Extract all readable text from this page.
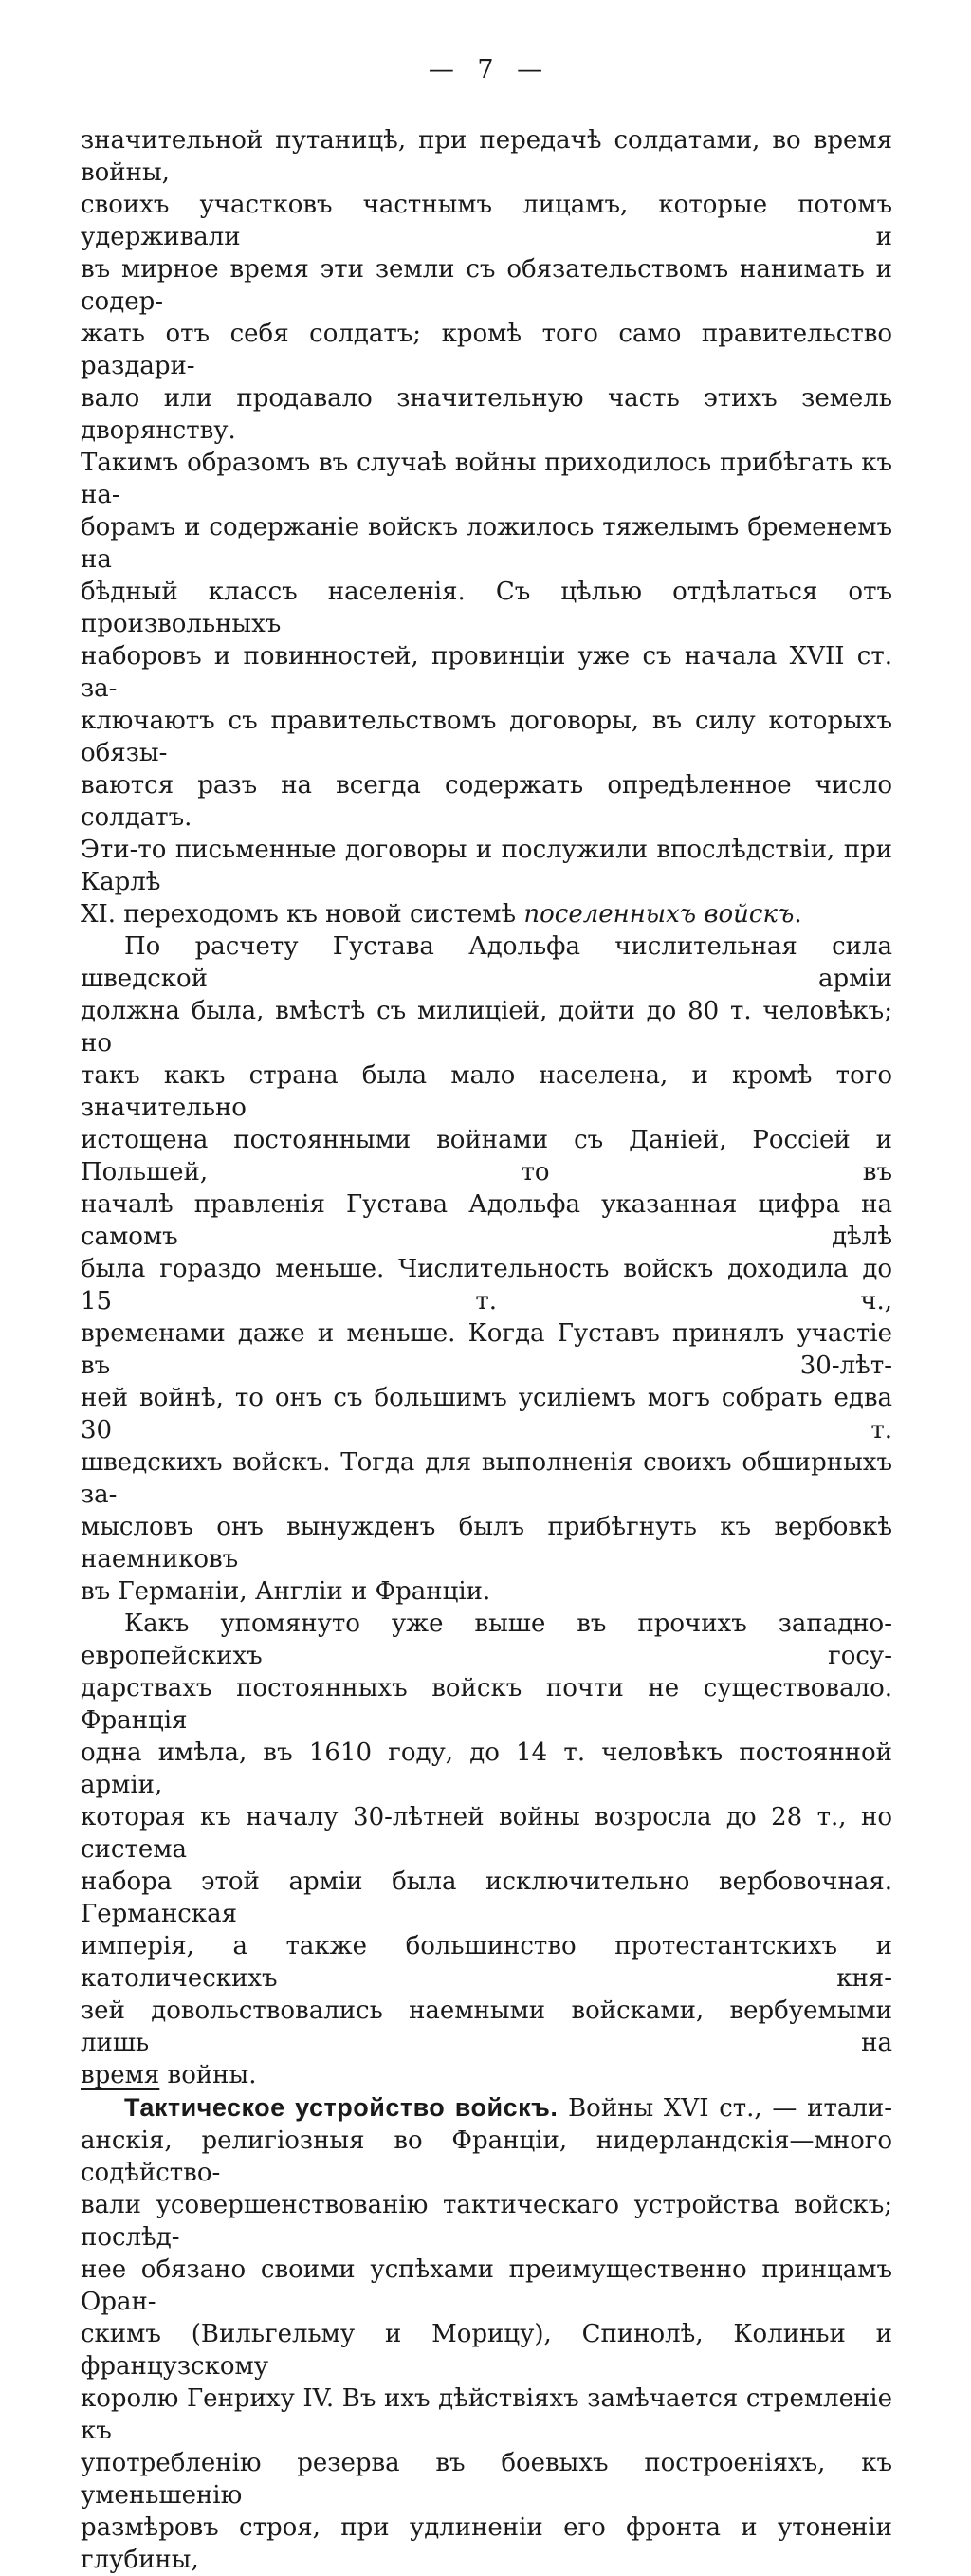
— 7 —
значительной путаницѣ, при передачѣ солдатами, во время войны,
своихъ участковъ частнымъ лицамъ, которые потомъ удерживали и
въ мирное время эти земли съ обязательствомъ нанимать и содер-
жать отъ себя солдатъ; кромѣ того само правительство раздари-
вало или продавало значительную часть этихъ земель дворянству.
Такимъ образомъ въ случаѣ войны приходилось прибѣгать къ на-
борамъ и содержаніе войскъ ложилось тяжелымъ бременемъ на
бѣдный классъ населенія. Съ цѣлью отдѣлаться отъ произвольныхъ
наборовъ и повинностей, провинціи уже съ начала XVII ст. за-
ключаютъ съ правительствомъ договоры, въ силу которыхъ обязы-
ваются разъ на всегда содержать опредѣленное число солдатъ.
Эти-то письменные договоры и послужили впослѣдствіи, при Карлѣ
XI. переходомъ къ новой системѣ поселенныхъ войскъ.
По расчету Густава Адольфа числительная сила шведской арміи
должна была, вмѣстѣ съ милиціей, дойти до 80 т. человѣкъ; но
такъ какъ страна была мало населена, и кромѣ того значительно
истощена постоянными войнами съ Даніей, Россіей и Польшей, то въ
началѣ правленія Густава Адольфа указанная цифра на самомъ дѣлѣ
была гораздо меньше. Числительность войскъ доходила до 15 т. ч.,
временами даже и меньше. Когда Густавъ принялъ участіе въ 30-лѣт-
ней войнѣ, то онъ съ большимъ усиліемъ могъ собрать едва 30 т.
шведскихъ войскъ. Тогда для выполненія своихъ обширныхъ за-
мысловъ онъ вынужденъ былъ прибѣгнуть къ вербовкѣ наемниковъ
въ Германіи, Англіи и Франціи.
Какъ упомянуто уже выше въ прочихъ западно-европейскихъ госу-
дарствахъ постоянныхъ войскъ почти не существовало. Франція
одна имѣла, въ 1610 году, до 14 т. человѣкъ постоянной арміи,
которая къ началу 30-лѣтней войны возросла до 28 т., но система
набора этой арміи была исключительно вербовочная. Германская
имперія, а также большинство протестантскихъ и католическихъ кня-
зей довольствовались наемными войсками, вербуемыми лишь на
время войны.
Тактическое устройство войскъ. Войны XVI ст., — итали-
анскія, религіозныя во Франціи, нидерландскія—много содѣйство-
вали усовершенствованію тактическаго устройства войскъ; послѣд-
нее обязано своими успѣхами преимущественно принцамъ Оран-
скимъ (Вильгельму и Морицу), Спинолѣ, Колиньи и французскому
королю Генриху IV. Въ ихъ дѣйствіяхъ замѣчается стремленіе къ
употребленію резерва въ боевыхъ построеніяхъ, къ уменьшенію
размѣровъ строя, при удлиненіи его фронта и утоненіи глубины,
